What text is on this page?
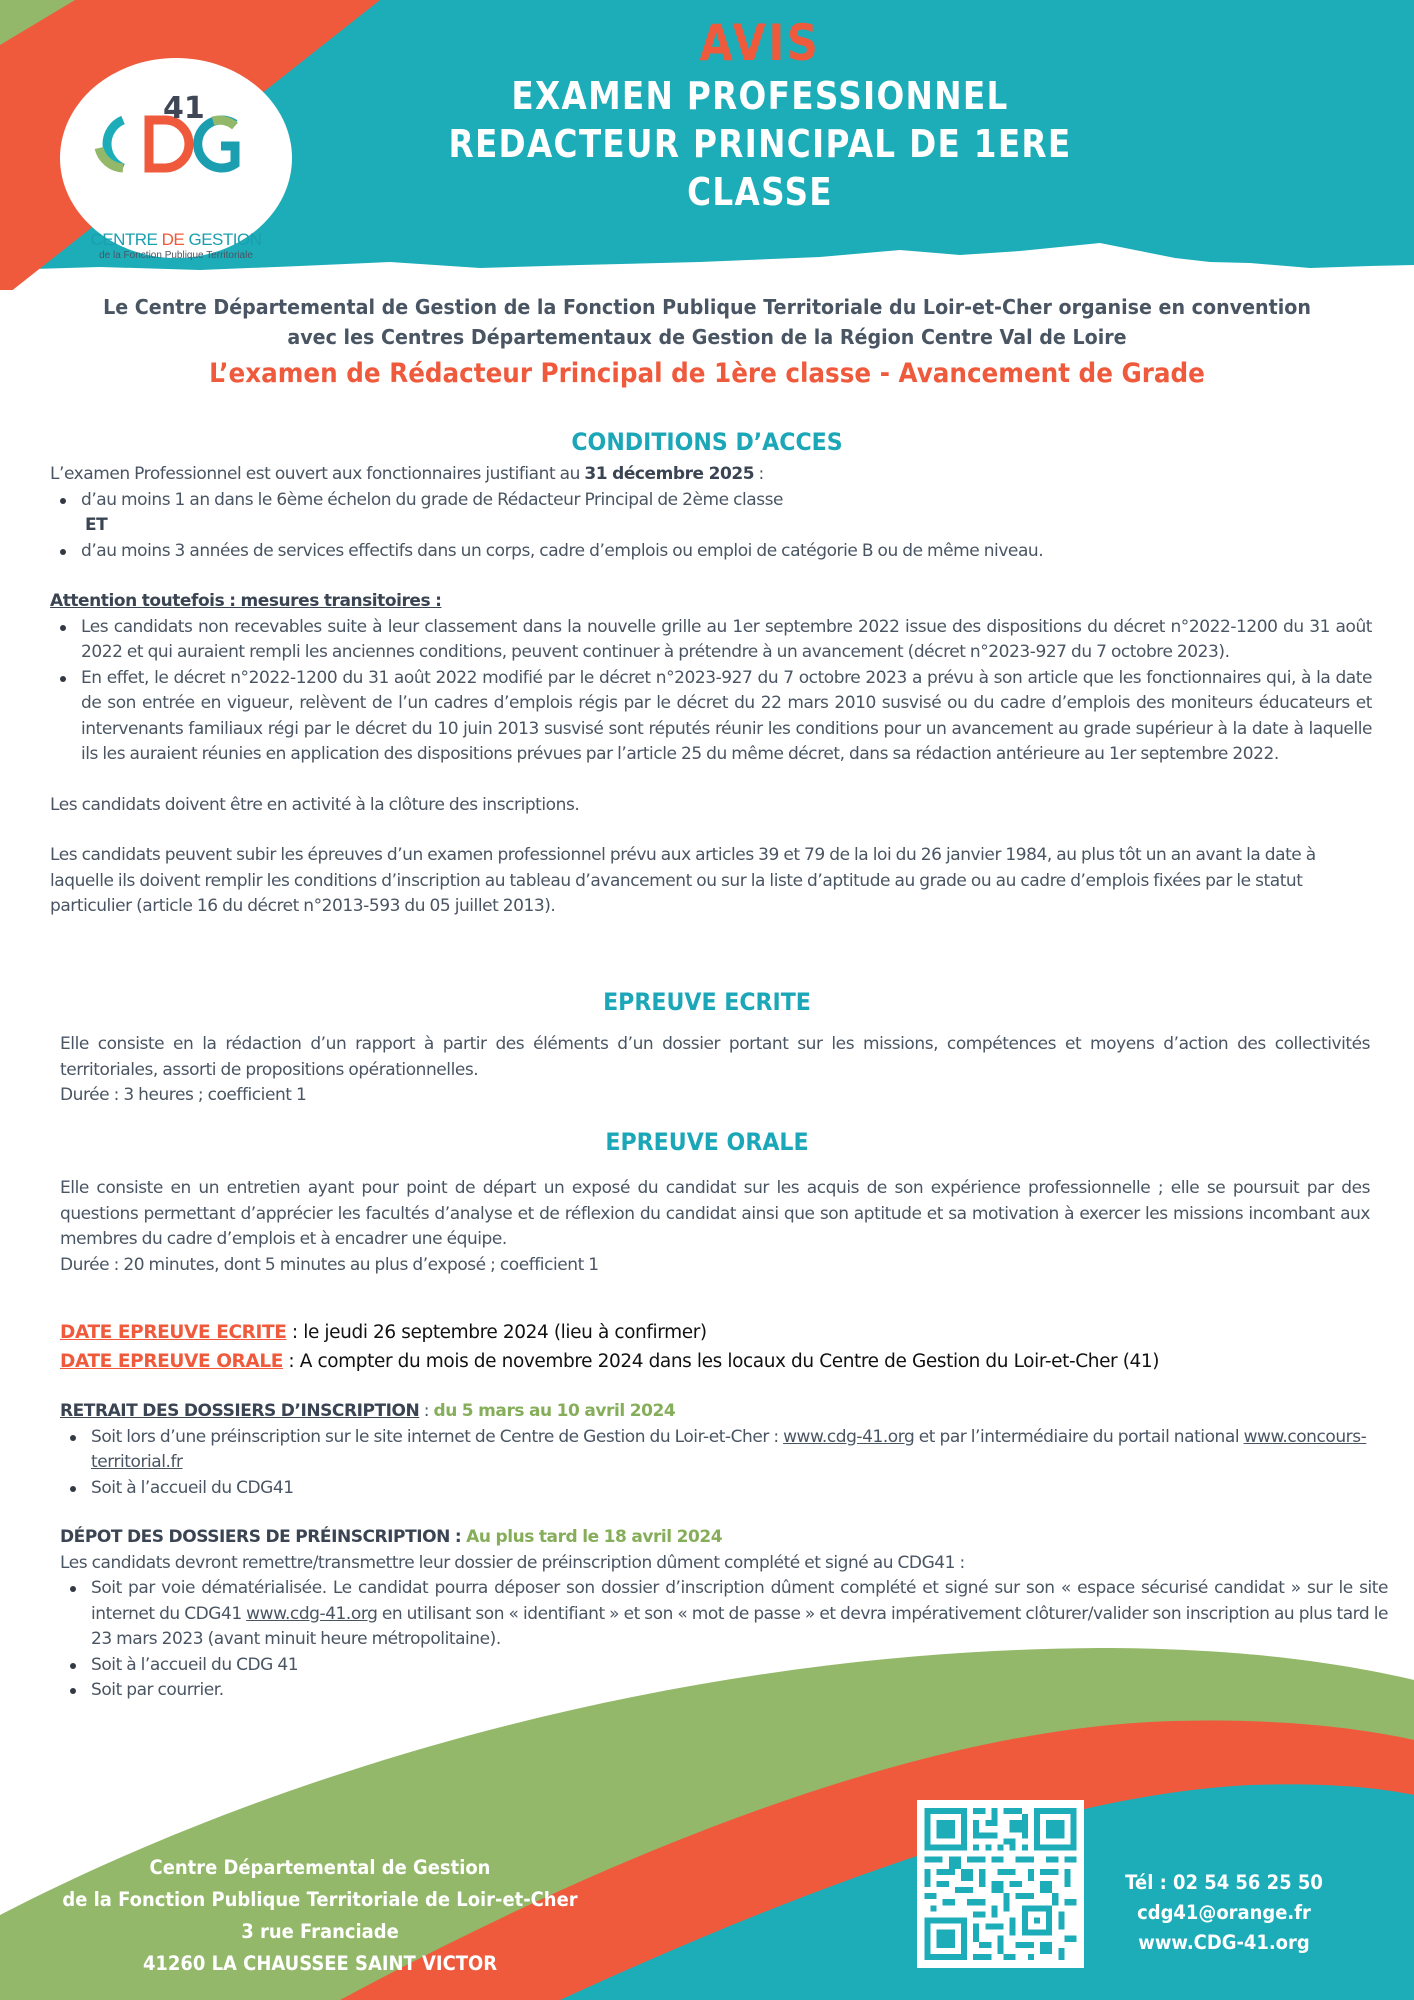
41
CENTRE DE GESTION
de la Fonction Publique Territoriale
AVIS
EXAMEN PROFESSIONNEL
REDACTEUR PRINCIPAL DE 1ERE
CLASSE
Le Centre Départemental de Gestion de la Fonction Publique Territoriale du Loir-et-Cher organise en convention
avec les Centres Départementaux de Gestion de la Région Centre Val de Loire
L’examen de Rédacteur Principal de 1ère classe - Avancement de Grade
CONDITIONS D’ACCES
L’examen Professionnel est ouvert aux fonctionnaires justifiant au 31 décembre 2025 :
d’au moins 1 an dans le 6ème échelon du grade de Rédacteur Principal de 2ème classe
ET
d’au moins 3 années de services effectifs dans un corps, cadre d’emplois ou emploi de catégorie B ou de même niveau.
Attention toutefois : mesures transitoires :
Les candidats non recevables suite à leur classement dans la nouvelle grille au 1er septembre 2022 issue des dispositions du décret n°2022-1200 du 31 août 2022 et qui auraient rempli les anciennes conditions, peuvent continuer à prétendre à un avancement (décret n°2023-927 du 7 octobre 2023).
En effet, le décret n°2022-1200 du 31 août 2022 modifié par le décret n°2023-927 du 7 octobre 2023 a prévu à son article que les fonctionnaires qui, à la date de son entrée en vigueur, relèvent de l’un cadres d’emplois régis par le décret du 22 mars 2010 susvisé ou du cadre d’emplois des moniteurs éducateurs et intervenants familiaux régi par le décret du 10 juin 2013 susvisé sont réputés réunir les conditions pour un avancement au grade supérieur à la date à laquelle ils les auraient réunies en application des dispositions prévues par l’article 25 du même décret, dans sa rédaction antérieure au 1er septembre 2022.
Les candidats doivent être en activité à la clôture des inscriptions.
Les candidats peuvent subir les épreuves d’un examen professionnel prévu aux articles 39 et 79 de la loi du 26 janvier 1984, au plus tôt un an avant la date à laquelle ils doivent remplir les conditions d’inscription au tableau d’avancement ou sur la liste d’aptitude au grade ou au cadre d’emplois fixées par le statut particulier (article 16 du décret n°2013-593 du 05 juillet 2013).
EPREUVE ECRITE
Elle consiste en la rédaction d’un rapport à partir des éléments d’un dossier portant sur les missions, compétences et moyens d’action des collectivités territoriales, assorti de propositions opérationnelles.
Durée : 3 heures ; coefficient 1
EPREUVE ORALE
Elle consiste en un entretien ayant pour point de départ un exposé du candidat sur les acquis de son expérience professionnelle ; elle se poursuit par des questions permettant d’apprécier les facultés d’analyse et de réflexion du candidat ainsi que son aptitude et sa motivation à exercer les missions incombant aux membres du cadre d’emplois et à encadrer une équipe.
Durée : 20 minutes, dont 5 minutes au plus d’exposé ; coefficient 1
DATE EPREUVE ECRITE : le jeudi 26 septembre 2024 (lieu à confirmer)
DATE EPREUVE ORALE : A compter du mois de novembre 2024 dans les locaux du Centre de Gestion du Loir-et-Cher (41)
RETRAIT DES DOSSIERS D’INSCRIPTION : du 5 mars au 10 avril 2024
Soit lors d’une préinscription sur le site internet de Centre de Gestion du Loir-et-Cher : www.cdg-41.org et par l’intermédiaire du portail national www.concours-territorial.fr
Soit à l’accueil du CDG41
DÉPOT DES DOSSIERS DE PRÉINSCRIPTION : Au plus tard le 18 avril 2024
Les candidats devront remettre/transmettre leur dossier de préinscription dûment complété et signé au CDG41 :
Soit par voie dématérialisée. Le candidat pourra déposer son dossier d’inscription dûment complété et signé sur son « espace sécurisé candidat » sur le site internet du CDG41 www.cdg-41.org en utilisant son « identifiant » et son « mot de passe » et devra impérativement clôturer/valider son inscription au plus tard le 23 mars 2023 (avant minuit heure métropolitaine).
Soit à l’accueil du CDG 41
Soit par courrier.
Centre Départemental de Gestion
de la Fonction Publique Territoriale de Loir-et-Cher
3 rue Franciade
41260 LA CHAUSSEE SAINT VICTOR
Tél : 02 54 56 25 50
cdg41@orange.fr
www.CDG-41.org
